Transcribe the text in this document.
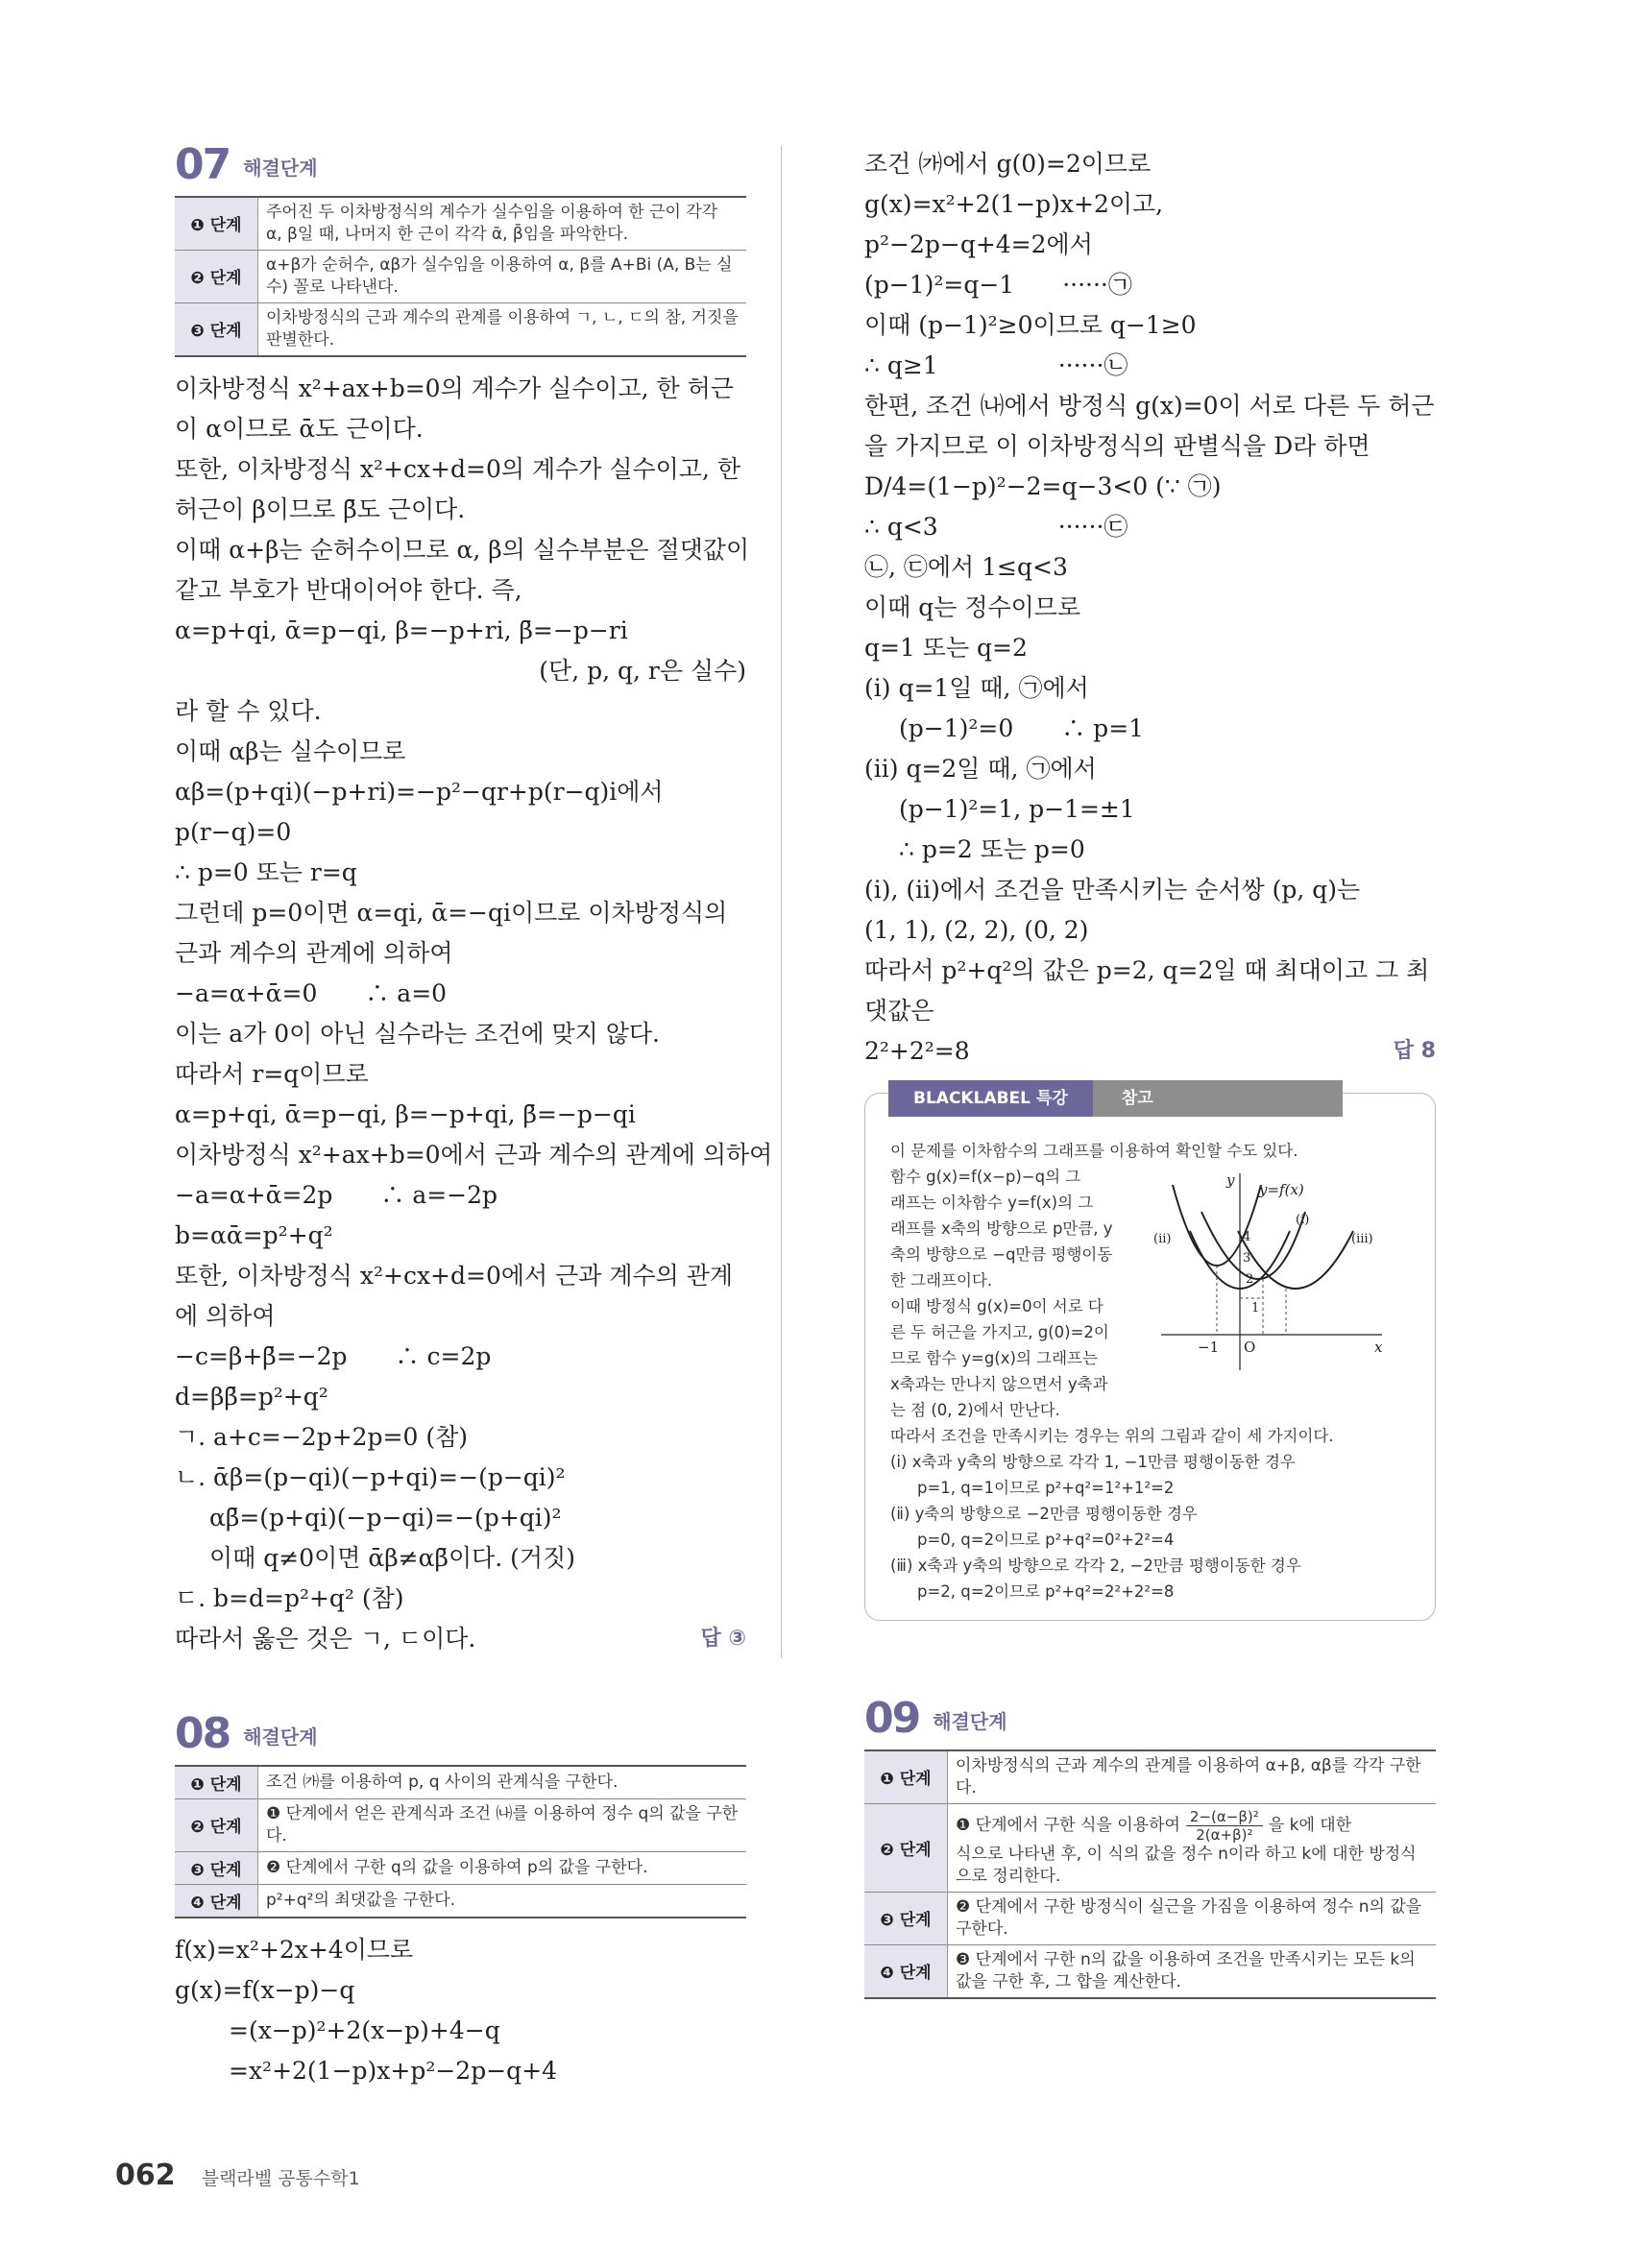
07 해결단계
❶ 단계	주어진 두 이차방정식의 계수가 실수임을 이용하여 한 근이 각각 α, β일 때, 나머지 한 근이 각각 ᾱ, β̄임을 파악한다.
❷ 단계	α+β가 순허수, αβ가 실수임을 이용하여 α, β를 A+Bi (A, B는 실수) 꼴로 나타낸다.
❸ 단계	이차방정식의 근과 계수의 관계를 이용하여 ㄱ, ㄴ, ㄷ의 참, 거짓을 판별한다.
이차방정식 x²+ax+b=0의 계수가 실수이고, 한 허근
이 α이므로 ᾱ도 근이다.
또한, 이차방정식 x²+cx+d=0의 계수가 실수이고, 한
허근이 β이므로 β̄도 근이다.
이때 α+β는 순허수이므로 α, β의 실수부분은 절댓값이
같고 부호가 반대이어야 한다. 즉,
α=p+qi, ᾱ=p−qi, β=−p+ri, β̄=−p−ri
(단, p, q, r은 실수)
라 할 수 있다.
이때 αβ는 실수이므로
αβ=(p+qi)(−p+ri)=−p²−qr+p(r−q)i에서
p(r−q)=0
∴ p=0 또는 r=q
그런데 p=0이면 α=qi, ᾱ=−qi이므로 이차방정식의
근과 계수의 관계에 의하여
−a=α+ᾱ=0　　∴ a=0
이는 a가 0이 아닌 실수라는 조건에 맞지 않다.
따라서 r=q이므로
α=p+qi, ᾱ=p−qi, β=−p+qi, β̄=−p−qi
이차방정식 x²+ax+b=0에서 근과 계수의 관계에 의하여
−a=α+ᾱ=2p　　∴ a=−2p
b=αᾱ=p²+q²
또한, 이차방정식 x²+cx+d=0에서 근과 계수의 관계
에 의하여
−c=β+β̄=−2p　　∴ c=2p
d=ββ̄=p²+q²
ㄱ. a+c=−2p+2p=0 (참)
ㄴ. ᾱβ=(p−qi)(−p+qi)=−(p−qi)²
αβ̄=(p+qi)(−p−qi)=−(p+qi)²
이때 q≠0이면 ᾱβ≠αβ̄이다. (거짓)
ㄷ. b=d=p²+q² (참)
따라서 옳은 것은 ㄱ, ㄷ이다.	답 ③
08 해결단계
❶ 단계	조건 ㈎를 이용하여 p, q 사이의 관계식을 구한다.
❷ 단계	❶ 단계에서 얻은 관계식과 조건 ㈏를 이용하여 정수 q의 값을 구한다.
❸ 단계	❷ 단계에서 구한 q의 값을 이용하여 p의 값을 구한다.
❹ 단계	p²+q²의 최댓값을 구한다.
f(x)=x²+2x+4이므로
g(x)=f(x−p)−q
=(x−p)²+2(x−p)+4−q
=x²+2(1−p)x+p²−2p−q+4
조건 ㈎에서 g(0)=2이므로
g(x)=x²+2(1−p)x+2이고,
p²−2p−q+4=2에서
(p−1)²=q−1　　······㉠
이때 (p−1)²≥0이므로 q−1≥0
∴ q≥1　　　　　······㉡
한편, 조건 ㈏에서 방정식 g(x)=0이 서로 다른 두 허근
을 가지므로 이 이차방정식의 판별식을 D라 하면
D/4=(1−p)²−2=q−3<0 (∵ ㉠)
∴ q<3　　　　　······㉢
㉡, ㉢에서 1≤q<3
이때 q는 정수이므로
q=1 또는 q=2
(ⅰ) q=1일 때, ㉠에서
(p−1)²=0　　∴ p=1
(ⅱ) q=2일 때, ㉠에서
(p−1)²=1, p−1=±1
∴ p=2 또는 p=0
(ⅰ), (ⅱ)에서 조건을 만족시키는 순서쌍 (p, q)는
(1, 1), (2, 2), (0, 2)
따라서 p²+q²의 값은 p=2, q=2일 때 최대이고 그 최
댓값은
2²+2²=8	답 8
BLACKLABEL 특강	참고
이 문제를 이차함수의 그래프를 이용하여 확인할 수도 있다.
함수 g(x)=f(x−p)−q의 그
래프는 이차함수 y=f(x)의 그
래프를 x축의 방향으로 p만큼, y
축의 방향으로 −q만큼 평행이동
한 그래프이다.
이때 방정식 g(x)=0이 서로 다
른 두 허근을 가지고, g(0)=2이
므로 함수 y=g(x)의 그래프는
x축과는 만나지 않으면서 y축과
는 점 (0, 2)에서 만난다.
x
y
O
−1
4
3
2
1
y=f(x)
(ⅰ)
(ⅱ)	(ⅲ)
따라서 조건을 만족시키는 경우는 위의 그림과 같이 세 가지이다.
(ⅰ) x축과 y축의 방향으로 각각 1, −1만큼 평행이동한 경우
p=1, q=1이므로 p²+q²=1²+1²=2
(ⅱ) y축의 방향으로 −2만큼 평행이동한 경우
p=0, q=2이므로 p²+q²=0²+2²=4
(ⅲ) x축과 y축의 방향으로 각각 2, −2만큼 평행이동한 경우
p=2, q=2이므로 p²+q²=2²+2²=8
09 해결단계
❶ 단계	이차방정식의 근과 계수의 관계를 이용하여 α+β, αβ를 각각 구한다.
❷ 단계	❶ 단계에서 구한 식을 이용하여 $\frac{\text{2−(α−β)²}}{\text{2(α+β)²}}$ 을 k에 대한
식으로 나타낸 후, 이 식의 값을 정수 n이라 하고 k에 대한 방정식으로 정리한다.

❸ 단계	❷ 단계에서 구한 방정식이 실근을 가짐을 이용하여 정수 n의 값을 구한다.
❹ 단계	❸ 단계에서 구한 n의 값을 이용하여 조건을 만족시키는 모든 k의 값을 구한 후, 그 합을 계산한다.
062 블랙라벨 공통수학1
